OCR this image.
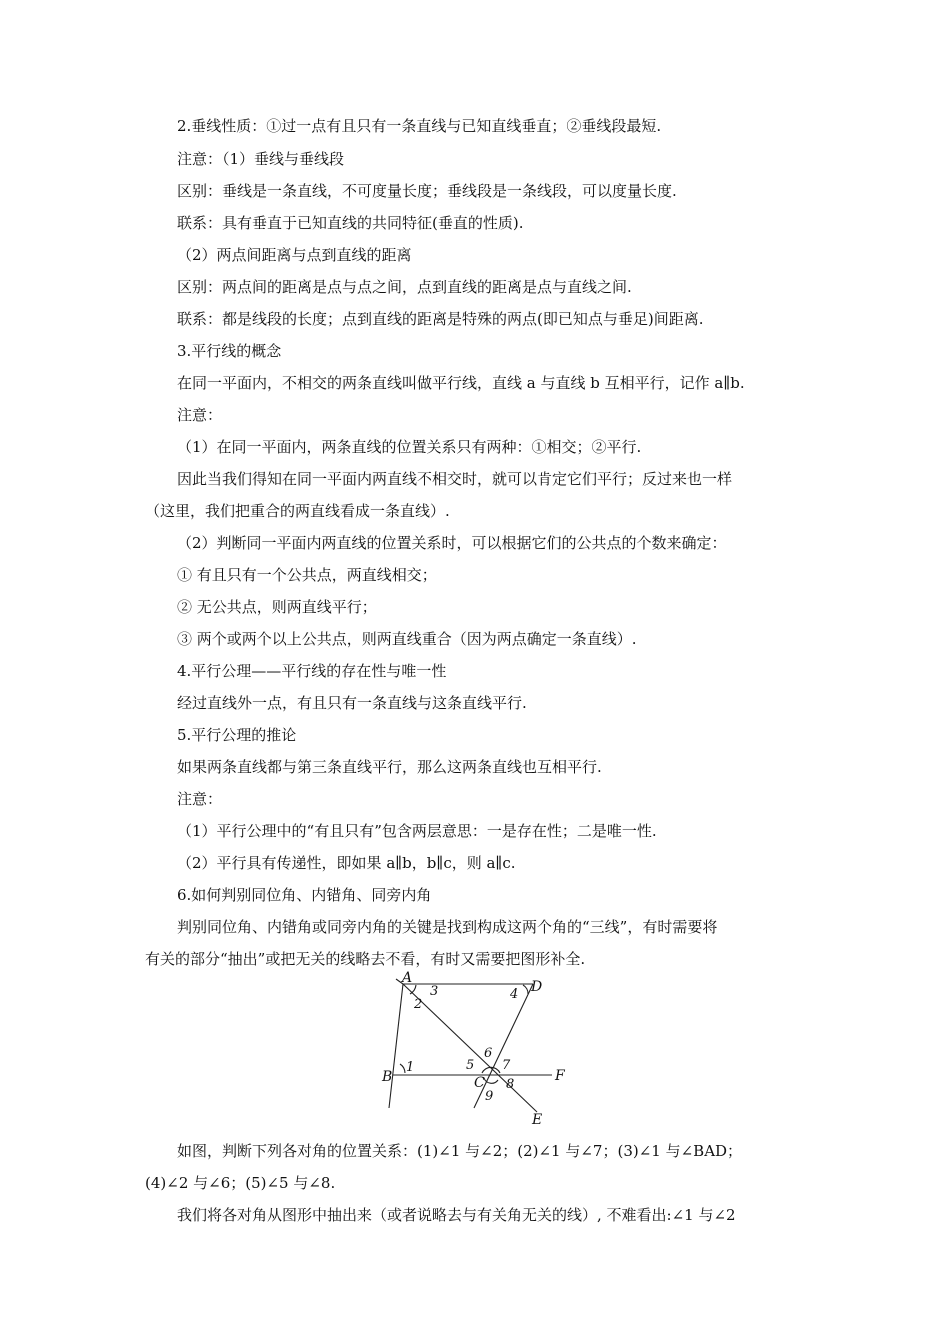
2.垂线性质：①过一点有且只有一条直线与已知直线垂直；②垂线段最短.
注意：（1）垂线与垂线段
区别：垂线是一条直线，不可度量长度；垂线段是一条线段，可以度量长度.
联系：具有垂直于已知直线的共同特征(垂直的性质).
（2）两点间距离与点到直线的距离
区别：两点间的距离是点与点之间，点到直线的距离是点与直线之间.
联系：都是线段的长度；点到直线的距离是特殊的两点(即已知点与垂足)间距离.
3.平行线的概念
在同一平面内，不相交的两条直线叫做平行线，直线 a 与直线 b 互相平行，记作 a∥b.
注意：
（1）在同一平面内，两条直线的位置关系只有两种：①相交；②平行.
因此当我们得知在同一平面内两直线不相交时，就可以肯定它们平行；反过来也一样
（这里，我们把重合的两直线看成一条直线）.
（2）判断同一平面内两直线的位置关系时，可以根据它们的公共点的个数来确定：
① 有且只有一个公共点，两直线相交；
② 无公共点，则两直线平行；
③ 两个或两个以上公共点，则两直线重合（因为两点确定一条直线）.
4.平行公理——平行线的存在性与唯一性
经过直线外一点，有且只有一条直线与这条直线平行.
5.平行公理的推论
如果两条直线都与第三条直线平行，那么这两条直线也互相平行.
注意：
（1）平行公理中的“有且只有”包含两层意思：一是存在性；二是唯一性.
（2）平行具有传递性，即如果 a∥b，b∥c，则 a∥c.
6.如何判别同位角、内错角、同旁内角
判别同位角、内错角或同旁内角的关键是找到构成这两个角的“三线”，有时需要将
有关的部分“抽出”或把无关的线略去不看，有时又需要把图形补全.
A
D
B	C	F
E
1
2
3	4
5
6
7
8
9
如图，判断下列各对角的位置关系：(1)∠1 与∠2；(2)∠1 与∠7；(3)∠1 与∠BAD；
(4)∠2 与∠6；(5)∠5 与∠8.
我们将各对角从图形中抽出来（或者说略去与有关角无关的线）, 不难看出:∠1 与∠2
